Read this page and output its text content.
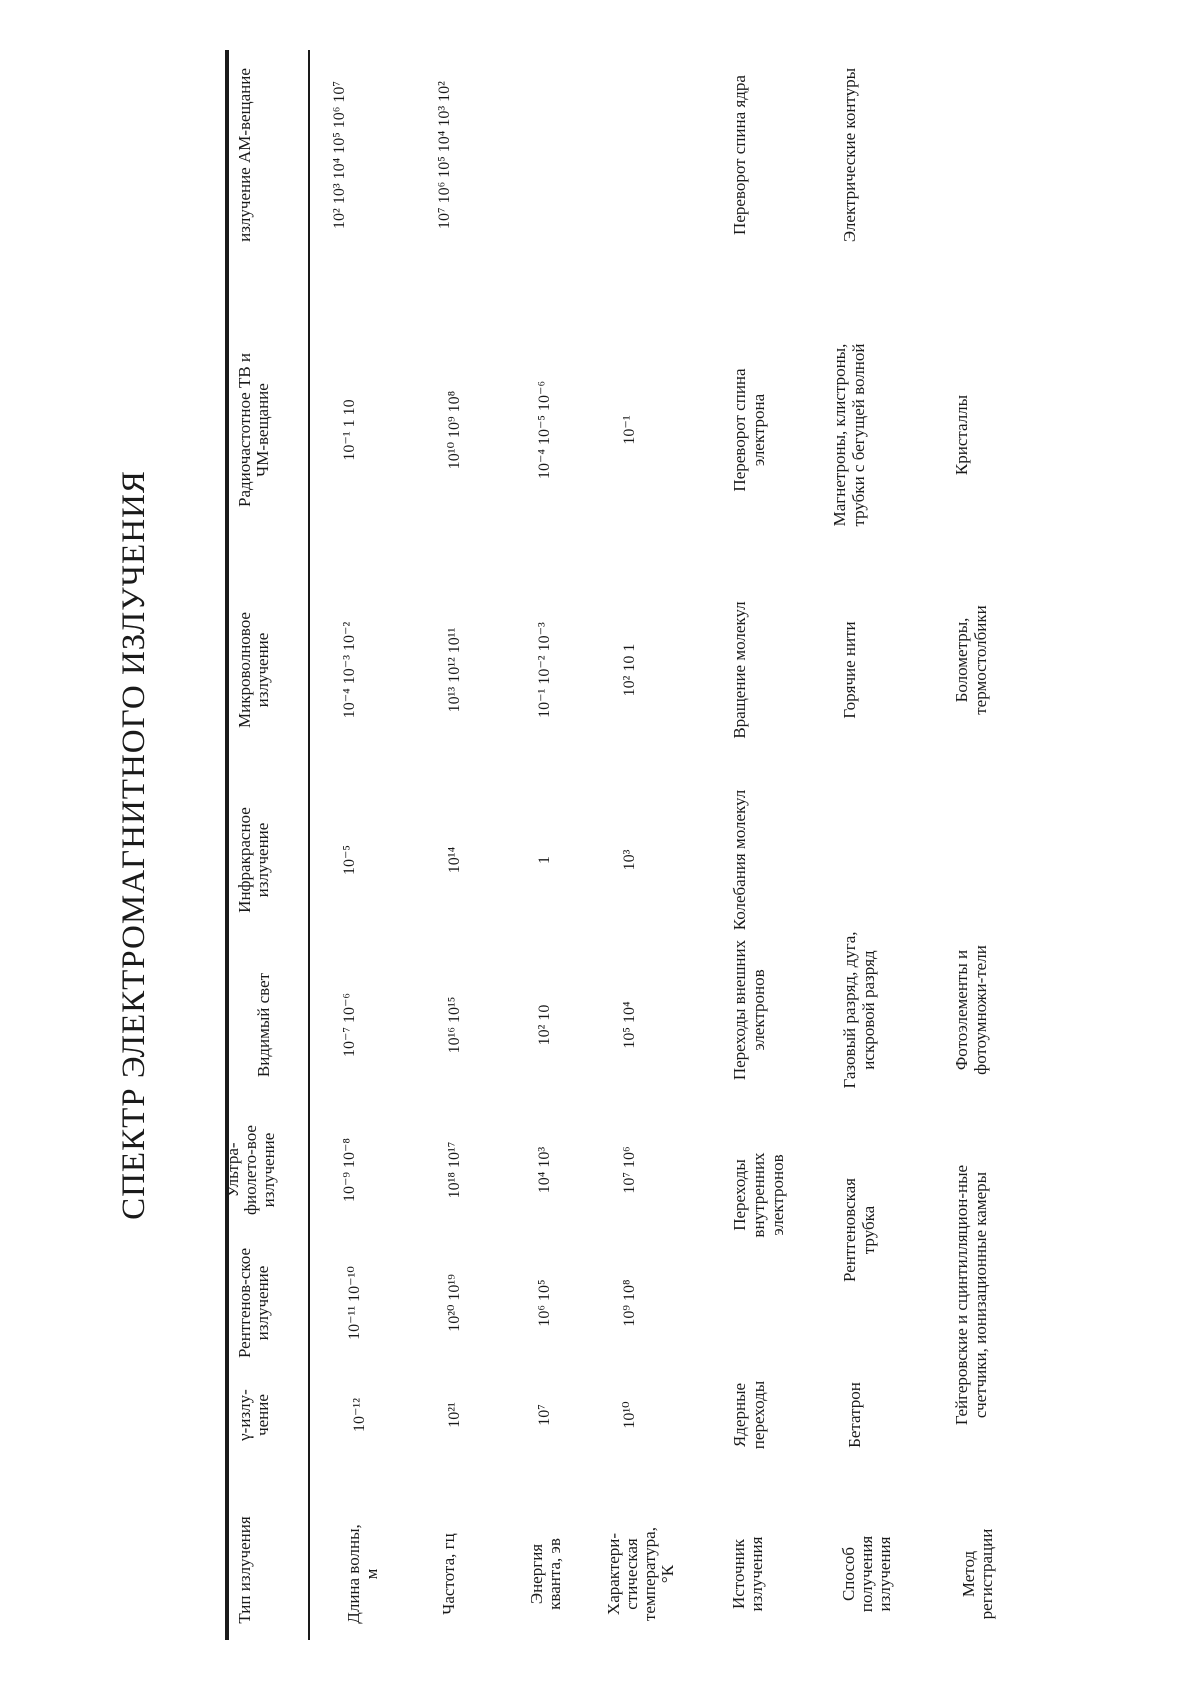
СПЕКТР ЭЛЕКТРОМАГНИТНОГО ИЗЛУЧЕНИЯ
Тип излучения
γ-излу-чение
Рентгенов-ское излучение
Ультра-фиолето-вое излучение
Видимый свет
Инфракрасное излучение
Микроволновое излучение
Радиочастотное ТВ и ЧМ-вещание
излучение АМ-вещание
Длина волны, м
10⁻¹²
10⁻¹¹ 10⁻¹⁰
10⁻⁹ 10⁻⁸
10⁻⁷ 10⁻⁶
10⁻⁵
10⁻⁴ 10⁻³ 10⁻²
10⁻¹ 1 10
10² 10³ 10⁴ 10⁵ 10⁶ 10⁷
Частота, гц
10²¹
10²⁰ 10¹⁹
10¹⁸ 10¹⁷
10¹⁶ 10¹⁵
10¹⁴
10¹³ 10¹² 10¹¹
10¹⁰ 10⁹ 10⁸
10⁷ 10⁶ 10⁵ 10⁴ 10³ 10²
Энергия кванта, эв
10⁷
10⁶ 10⁵
10⁴ 10³
10² 10
1
10⁻¹ 10⁻² 10⁻³
10⁻⁴ 10⁻⁵ 10⁻⁶
Характери-стическая температура, °К
10¹⁰
10⁹ 10⁸
10⁷ 10⁶
10⁵ 10⁴
10³
10² 10 1
10⁻¹
Источник излучения
Ядерные переходы
Переходы внутренних электронов
Переходы внешних электронов
Колебания молекул
Вращение молекул
Переворот спина электрона
Переворот спина ядра
Способ получения излучения
Бетатрон
Рентгеновская трубка
Газовый разряд, дуга, искровой разряд
Горячие нити
Магнетроны, клистроны, трубки с бегущей волной
Электрические контуры
Метод регистрации
Гейгеровские и сцинтилляцион-ные счетчики, ионизационные камеры
Фотоэлементы и фотоумножи-тели
Болометры, термостолбики
Кристаллы
